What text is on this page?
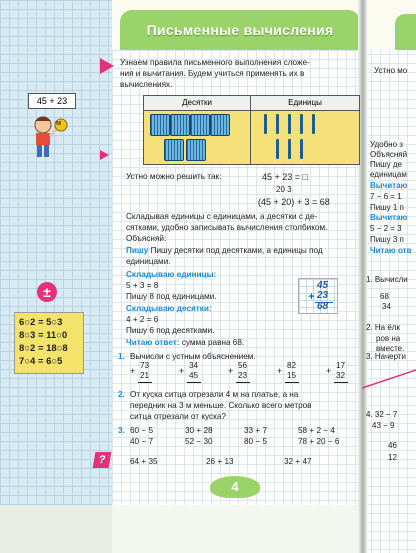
Письменные вычисления
45 + 23
м
±
6○2 = 5○3
8○3 = 11○0
8○2 = 18○8
7○4 = 6○5
Узнаем правила письменного выполнения сложе-
ния и вычитания. Будем учиться применять их в
вычислениях.
Десятки	Единицы
Устно можно решить так:	45 + 23 = □
20 3
(45 + 20) + 3 = 68
Складывая единицы с единицами, а десятки с де-
сятками, удобно записывать вычисления столбиком.
Объясняй:
Пишу Пишу десятки под десятками, а единицы под
единицами.
Складываю единицы:
5 + 3 = 8
Пишу 8 под единицами.
Складываю десятки:
4 + 2 = 6
Пишу 6 под десятками.
Читаю ответ: сумма равна 68.
+
45
23
68
1. Вычисли с устным объяснением.
+
73
21	+
34
45	+
56
23	+
82
15	+
17
32
2. От куска ситца отрезали 4 м на платье, а на
передник на 3 м меньше. Сколько всего метров
ситца отрезали от куска?
3. 60 − 5	30 + 28	33 + 7	58 + 2 − 4
40 − 7	52 − 30	80 − 5	78 + 20 − 6
?	64 + 35	26 + 13	32 + 47
4
Устно мо
Удобно з
Объясняй
Пишу де
единицам
Вычитаю
7 − 6 = 1
Пишу 1 п
Вычитаю
5 − 2 = 3
Пишу 3 п
Читаю отв
1. Вычисли
68
34
2. На ёлк
ров на
вместе.
3. Начерти
4. 32 − 7
43 − 9
46
12
